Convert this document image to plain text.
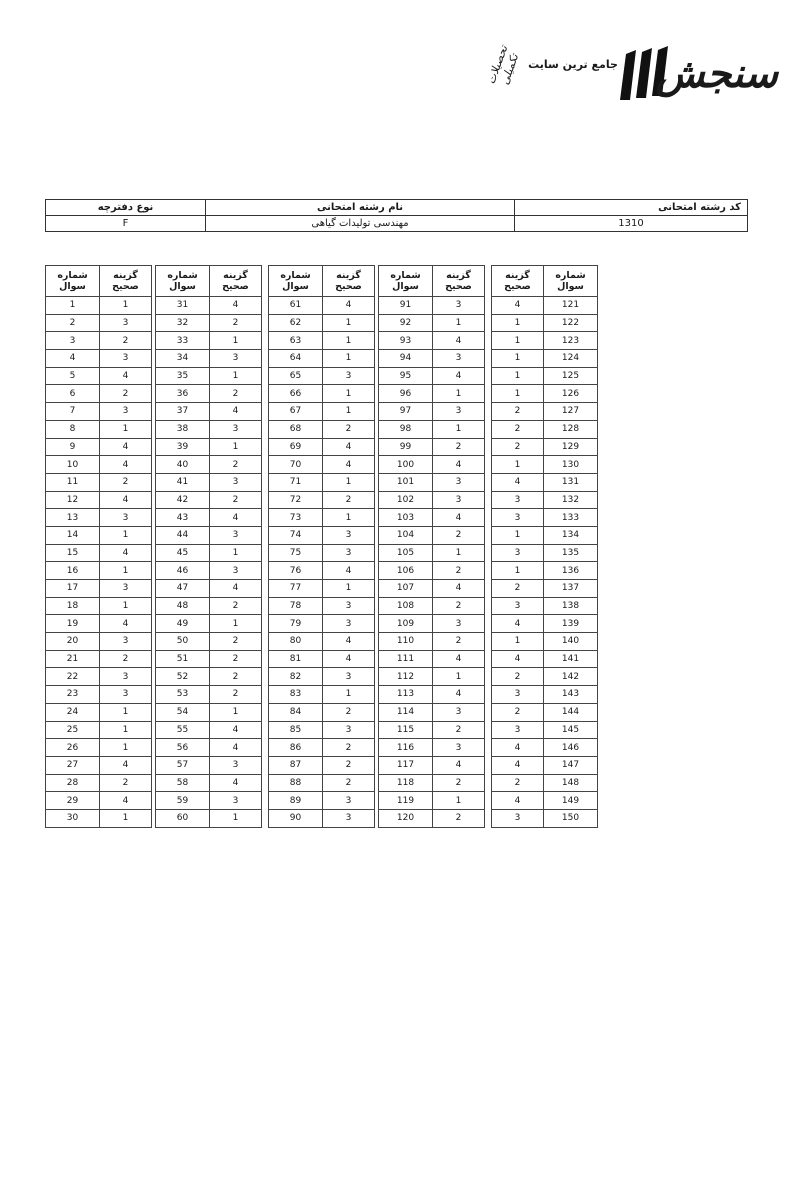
تحصیلات تکمیلی جامع ترین سایت سنجش
کد رشته امتحانی	نام رشته امتحانی	نوع دفترچه
1310	مهندسی تولیدات گیاهی	F
شماره سوال	گزینه صحیح
1	1
2	3
3	2
4	3
5	4
6	2
7	3
8	1
9	4
10	4
11	2
12	4
13	3
14	1
15	4
16	1
17	3
18	1
19	4
20	3
21	2
22	3
23	3
24	1
25	1
26	1
27	4
28	2
29	4
30	1
شماره سوال	گزینه صحیح
31	4
32	2
33	1
34	3
35	1
36	2
37	4
38	3
39	1
40	2
41	3
42	2
43	4
44	3
45	1
46	3
47	4
48	2
49	1
50	2
51	2
52	2
53	2
54	1
55	4
56	4
57	3
58	4
59	3
60	1
شماره سوال	گزینه صحیح
61	4
62	1
63	1
64	1
65	3
66	1
67	1
68	2
69	4
70	4
71	1
72	2
73	1
74	3
75	3
76	4
77	1
78	3
79	3
80	4
81	4
82	3
83	1
84	2
85	3
86	2
87	2
88	2
89	3
90	3
شماره سوال	گزینه صحیح
91	3
92	1
93	4
94	3
95	4
96	1
97	3
98	1
99	2
100	4
101	3
102	3
103	4
104	2
105	1
106	2
107	4
108	2
109	3
110	2
111	4
112	1
113	4
114	3
115	2
116	3
117	4
118	2
119	1
120	2
گزینه صحیح	شماره سوال
4	121
1	122
1	123
1	124
1	125
1	126
2	127
2	128
2	129
1	130
4	131
3	132
3	133
1	134
3	135
1	136
2	137
3	138
4	139
1	140
4	141
2	142
3	143
2	144
3	145
4	146
4	147
2	148
4	149
3	150
